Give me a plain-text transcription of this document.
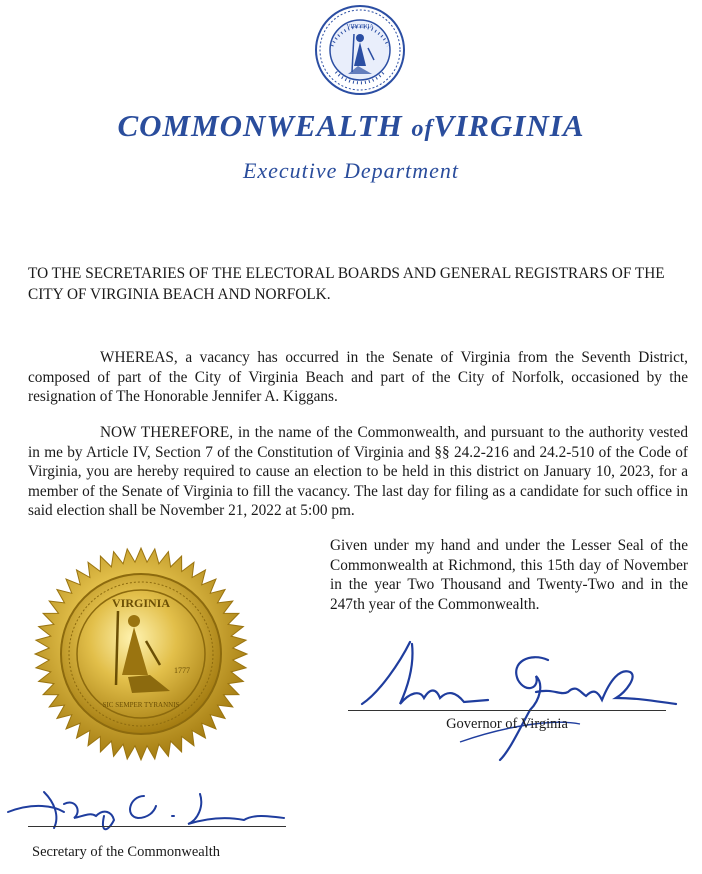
VIRGINIA
COMMONWEALTH ofVIRGINIA
Executive Department
TO THE SECRETARIES OF THE ELECTORAL BOARDS AND GENERAL REGISTRARS OF THE CITY OF VIRGINIA BEACH AND NORFOLK.
WHEREAS, a vacancy has occurred in the Senate of Virginia from the Seventh District, composed of part of the City of Virginia Beach and part of the City of Norfolk, occasioned by the resignation of The Honorable Jennifer A. Kiggans.
NOW THEREFORE, in the name of the Commonwealth, and pursuant to the authority vested in me by Article IV, Section 7 of the Constitution of Virginia and §§ 24.2-216 and 24.2-510 of the Code of Virginia, you are hereby required to cause an election to be held in this district on January 10, 2023, for a member of the Senate of Virginia to fill the vacancy. The last day for filing as a candidate for such office in said election shall be November 21, 2022 at 5:00 pm.
Given under my hand and under the Lesser Seal of the Commonwealth at Richmond, this 15th day of November in the year Two Thousand and Twenty-Two and in the 247th year of the Commonwealth.
VIRGINIA
1777
SIC SEMPER TYRANNIS
Governor of Virginia
Secretary of the Commonwealth
